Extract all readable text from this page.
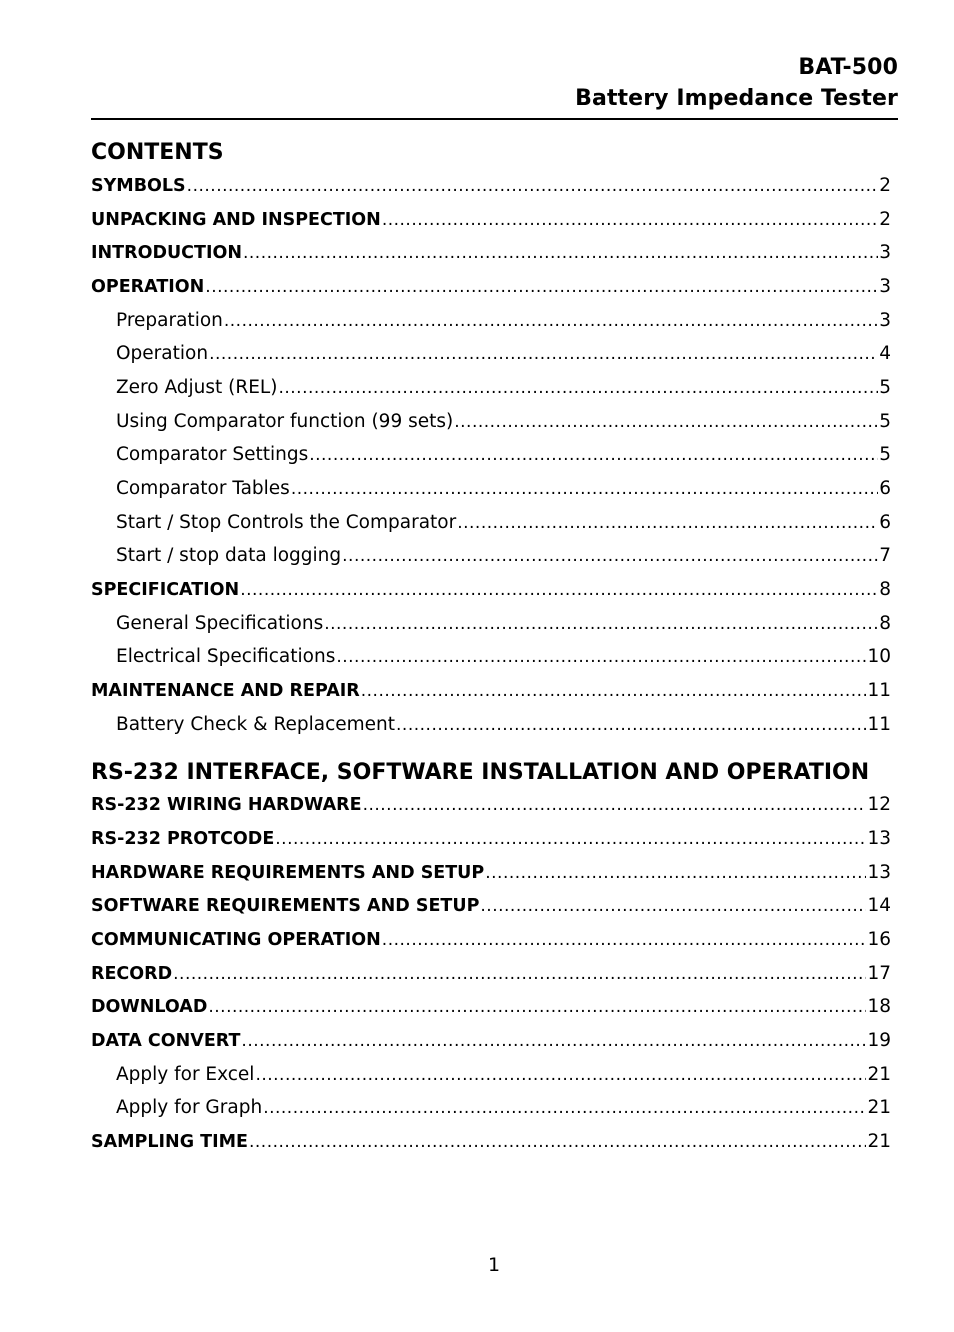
BAT-500
Battery Impedance Tester
CONTENTS
SYMBOLS .....	2
UNPACKING AND INSPECTION .....	2
INTRODUCTION .....	3
OPERATION .....	3
Preparation .....	3
Operation .....	4
Zero Adjust (REL) .....	5
Using Comparator function (99 sets) .....	5
Comparator Settings .....	5
Comparator Tables .....	6
Start / Stop Controls the Comparator .....	6
Start / stop data logging .....	7
SPECIFICATION .....	8
General Specifications .....	8
Electrical Specifications .....	10
MAINTENANCE AND REPAIR .....	11
Battery Check & Replacement .....	11
RS-232 INTERFACE, SOFTWARE INSTALLATION AND OPERATION
RS-232 WIRING HARDWARE .....	12
RS-232 PROTCODE .....	13
HARDWARE REQUIREMENTS AND SETUP .....	13
SOFTWARE REQUIREMENTS AND SETUP .....	14
COMMUNICATING OPERATION .....	16
RECORD .....	17
DOWNLOAD .....	18
DATA CONVERT .....	19
Apply for Excel .....	21
Apply for Graph .....	21
SAMPLING TIME .....	21
1
